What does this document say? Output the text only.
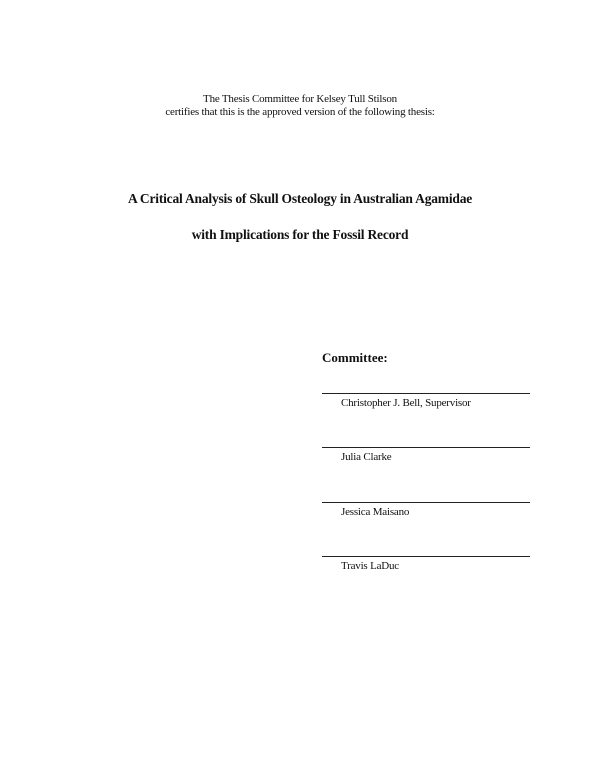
The Thesis Committee for Kelsey Tull Stilson
certifies that this is the approved version of the following thesis:
A Critical Analysis of Skull Osteology in Australian Agamidae
with Implications for the Fossil Record
Committee:
Christopher J. Bell, Supervisor
Julia Clarke
Jessica Maisano
Travis LaDuc
